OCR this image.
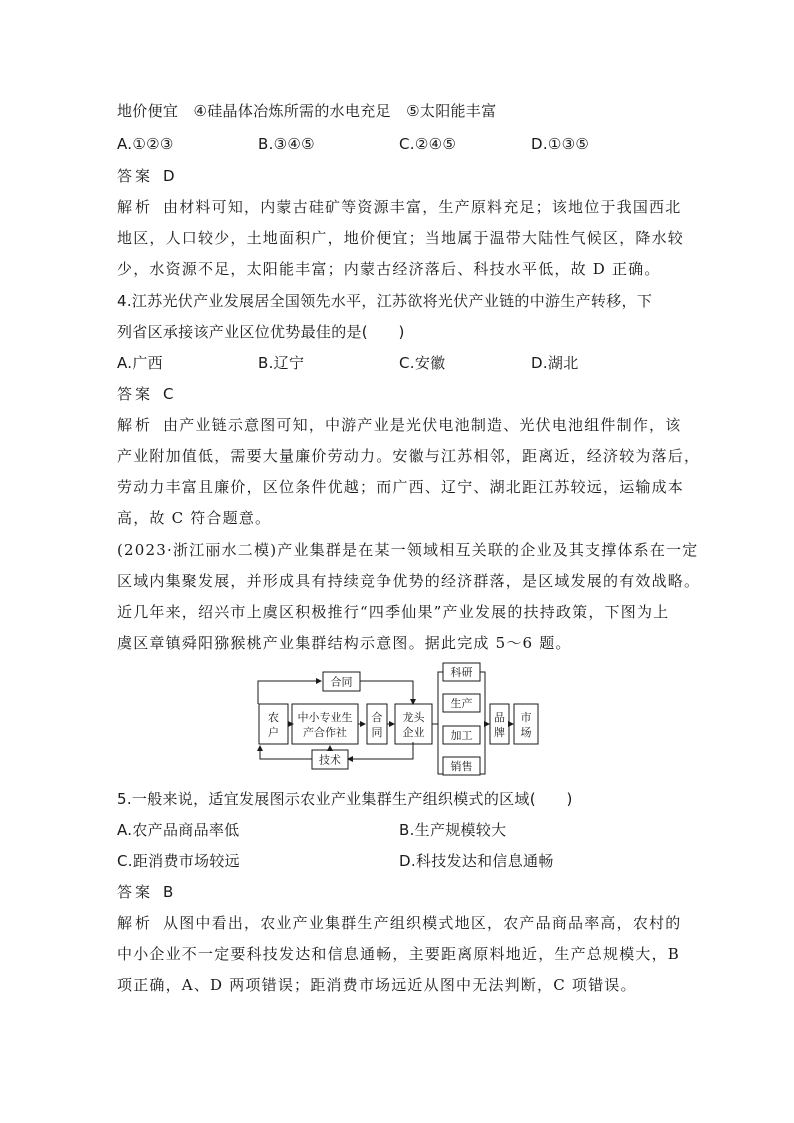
地价便宜　④硅晶体冶炼所需的水电充足　⑤太阳能丰富
A.①②③	B.③④⑤	C.②④⑤	D.①③⑤
答案 D
解析 由材料可知，内蒙古硅矿等资源丰富，生产原料充足；该地位于我国西北
地区，人口较少，土地面积广，地价便宜；当地属于温带大陆性气候区，降水较
少，水资源不足，太阳能丰富；内蒙古经济落后、科技水平低，故 D 正确。
4.江苏光伏产业发展居全国领先水平，江苏欲将光伏产业链的中游生产转移，下
列省区承接该产业区位优势最佳的是(　　)
A.广西	B.辽宁	C.安徽	D.湖北
答案 C
解析 由产业链示意图可知，中游产业是光伏电池制造、光伏电池组件制作，该
产业附加值低，需要大量廉价劳动力。安徽与江苏相邻，距离近，经济较为落后，
劳动力丰富且廉价，区位条件优越；而广西、辽宁、湖北距江苏较远，运输成本
高，故 C 符合题意。
(2023·浙江丽水二模)产业集群是在某一领域相互关联的企业及其支撑体系在一定
区域内集聚发展，并形成具有持续竞争优势的经济群落，是区域发展的有效战略。
近几年来，绍兴市上虞区积极推行“四季仙果”产业发展的扶持政策，下图为上
虞区章镇舜阳猕猴桃产业集群结构示意图。据此完成 5～6 题。
合同
农
户
中小专业生
产合作社
合
同
龙头
企业
技术
科研
生产
加工
销售
品
牌
市
场
5.一般来说，适宜发展图示农业产业集群生产组织模式的区域(　　)
A.农产品商品率低	B.生产规模较大
C.距消费市场较远	D.科技发达和信息通畅
答案 B
解析 从图中看出，农业产业集群生产组织模式地区，农产品商品率高，农村的
中小企业不一定要科技发达和信息通畅，主要距离原料地近，生产总规模大，B
项正确，A、D 两项错误；距消费市场远近从图中无法判断，C 项错误。
